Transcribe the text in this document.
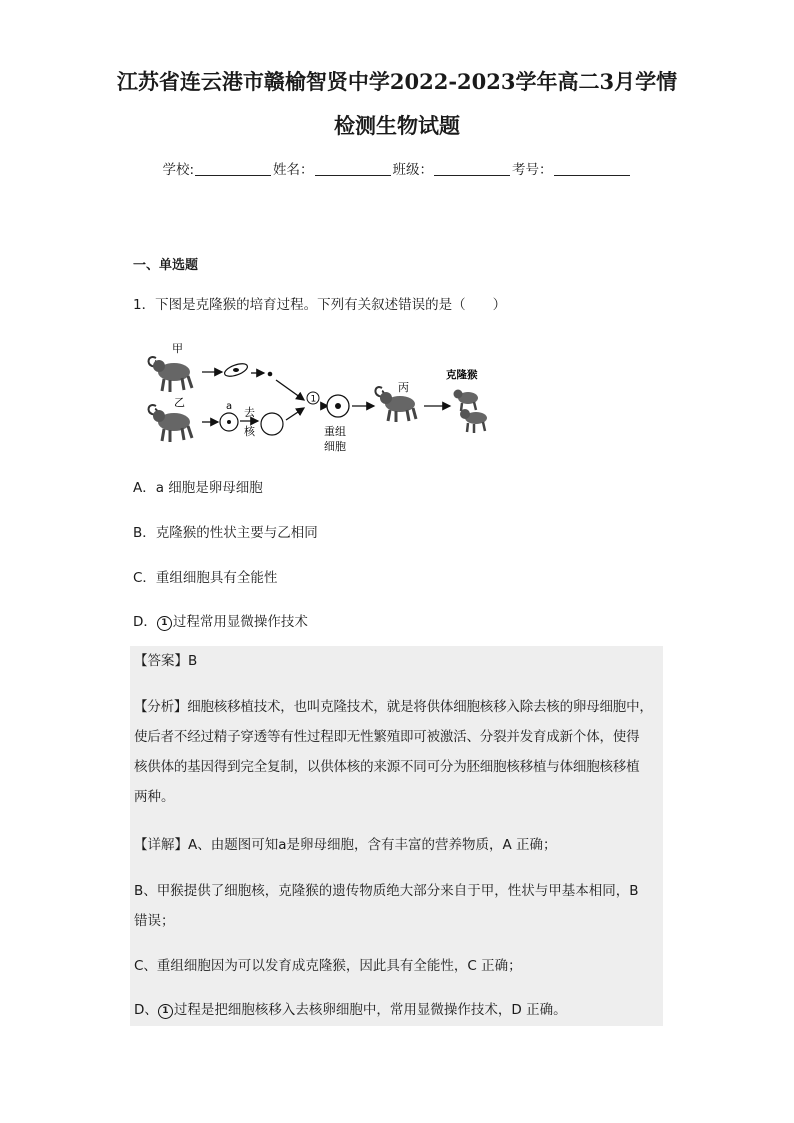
江苏省连云港市赣榆智贤中学2022-2023学年高二3月学情
检测生物试题
学校:	姓名：	班级：	考号：
一、单选题
1．下图是克隆猴的培育过程。下列有关叙述错误的是（　　）
甲
乙	a 去
核
1
重组
细胞
丙
克隆猴
A．a 细胞是卵母细胞
B．克隆猴的性状主要与乙相同
C．重组细胞具有全能性
D． 1 过程常用显微操作技术

【答案】B

【分析】细胞核移植技术，也叫克隆技术，就是将供体细胞核移入除去核的卵母细胞中，

使后者不经过精子穿透等有性过程即无性繁殖即可被激活、分裂并发育成新个体，使得

核供体的基因得到完全复制，以供体核的来源不同可分为胚细胞核移植与体细胞核移植

两种。

【详解】A、由题图可知a是卵母细胞，含有丰富的营养物质，A 正确；

B、甲猴提供了细胞核，克隆猴的遗传物质绝大部分来自于甲，性状与甲基本相同，B

错误；

C、重组细胞因为可以发育成克隆猴，因此具有全能性，C 正确；

D、 1 过程是把细胞核移入去核卵细胞中，常用显微操作技术，D 正确。
